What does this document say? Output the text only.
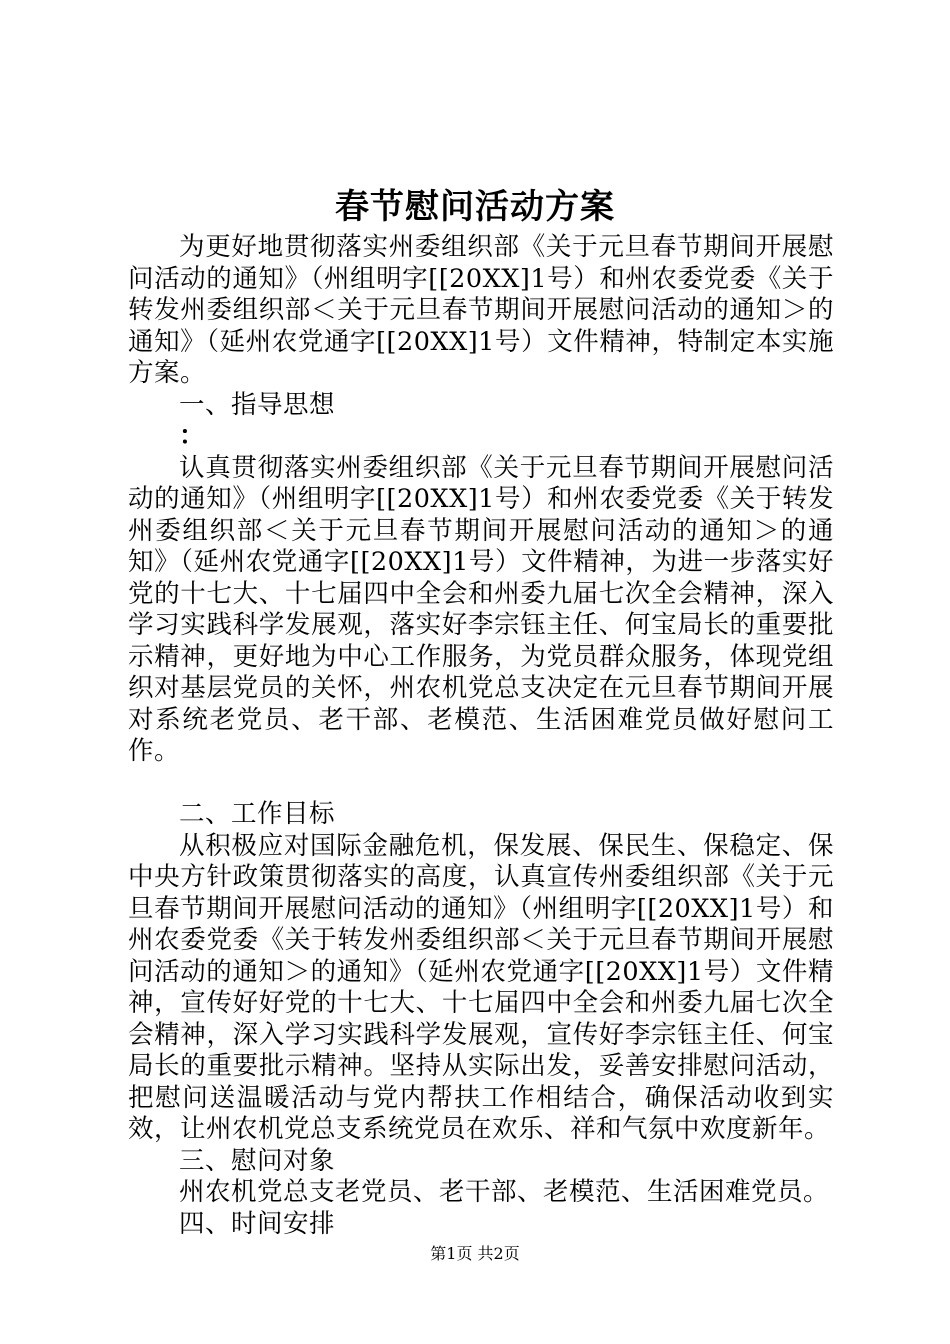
春节慰问活动方案

为更好地贯彻落实州委组织部《关于元旦春节期间开展慰问活动的通知》（州组明字[[20XX]1号）和州农委党委《关于转发州委组织部＜关于元旦春节期间开展慰问活动的通知＞的通知》（延州农党通字[[20XX]1号）文件精神，特制定本实施方案。

一、指导思想

：

认真贯彻落实州委组织部《关于元旦春节期间开展慰问活动的通知》（州组明字[[20XX]1号）和州农委党委《关于转发州委组织部＜关于元旦春节期间开展慰问活动的通知＞的通知》（延州农党通字[[20XX]1号）文件精神，为进一步落实好党的十七大、十七届四中全会和州委九届七次全会精神，深入学习实践科学发展观，落实好李宗钰主任、何宝局长的重要批示精神，更好地为中心工作服务，为党员群众服务，体现党组织对基层党员的关怀，州农机党总支决定在元旦春节期间开展对系统老党员、老干部、老模范、生活困难党员做好慰问工作。

二、工作目标

从积极应对国际金融危机，保发展、保民生、保稳定、保中央方针政策贯彻落实的高度，认真宣传州委组织部《关于元旦春节期间开展慰问活动的通知》（州组明字[[20XX]1号）和州农委党委《关于转发州委组织部＜关于元旦春节期间开展慰问活动的通知＞的通知》（延州农党通字[[20XX]1号）文件精神，宣传好好党的十七大、十七届四中全会和州委九届七次全会精神，深入学习实践科学发展观，宣传好李宗钰主任、何宝局长的重要批示精神。坚持从实际出发，妥善安排慰问活动，把慰问送温暖活动与党内帮扶工作相结合，确保活动收到实效，让州农机党总支系统党员在欢乐、祥和气氛中欢度新年。

三、慰问对象

州农机党总支老党员、老干部、老模范、生活困难党员。

四、时间安排

第1页 共2页
